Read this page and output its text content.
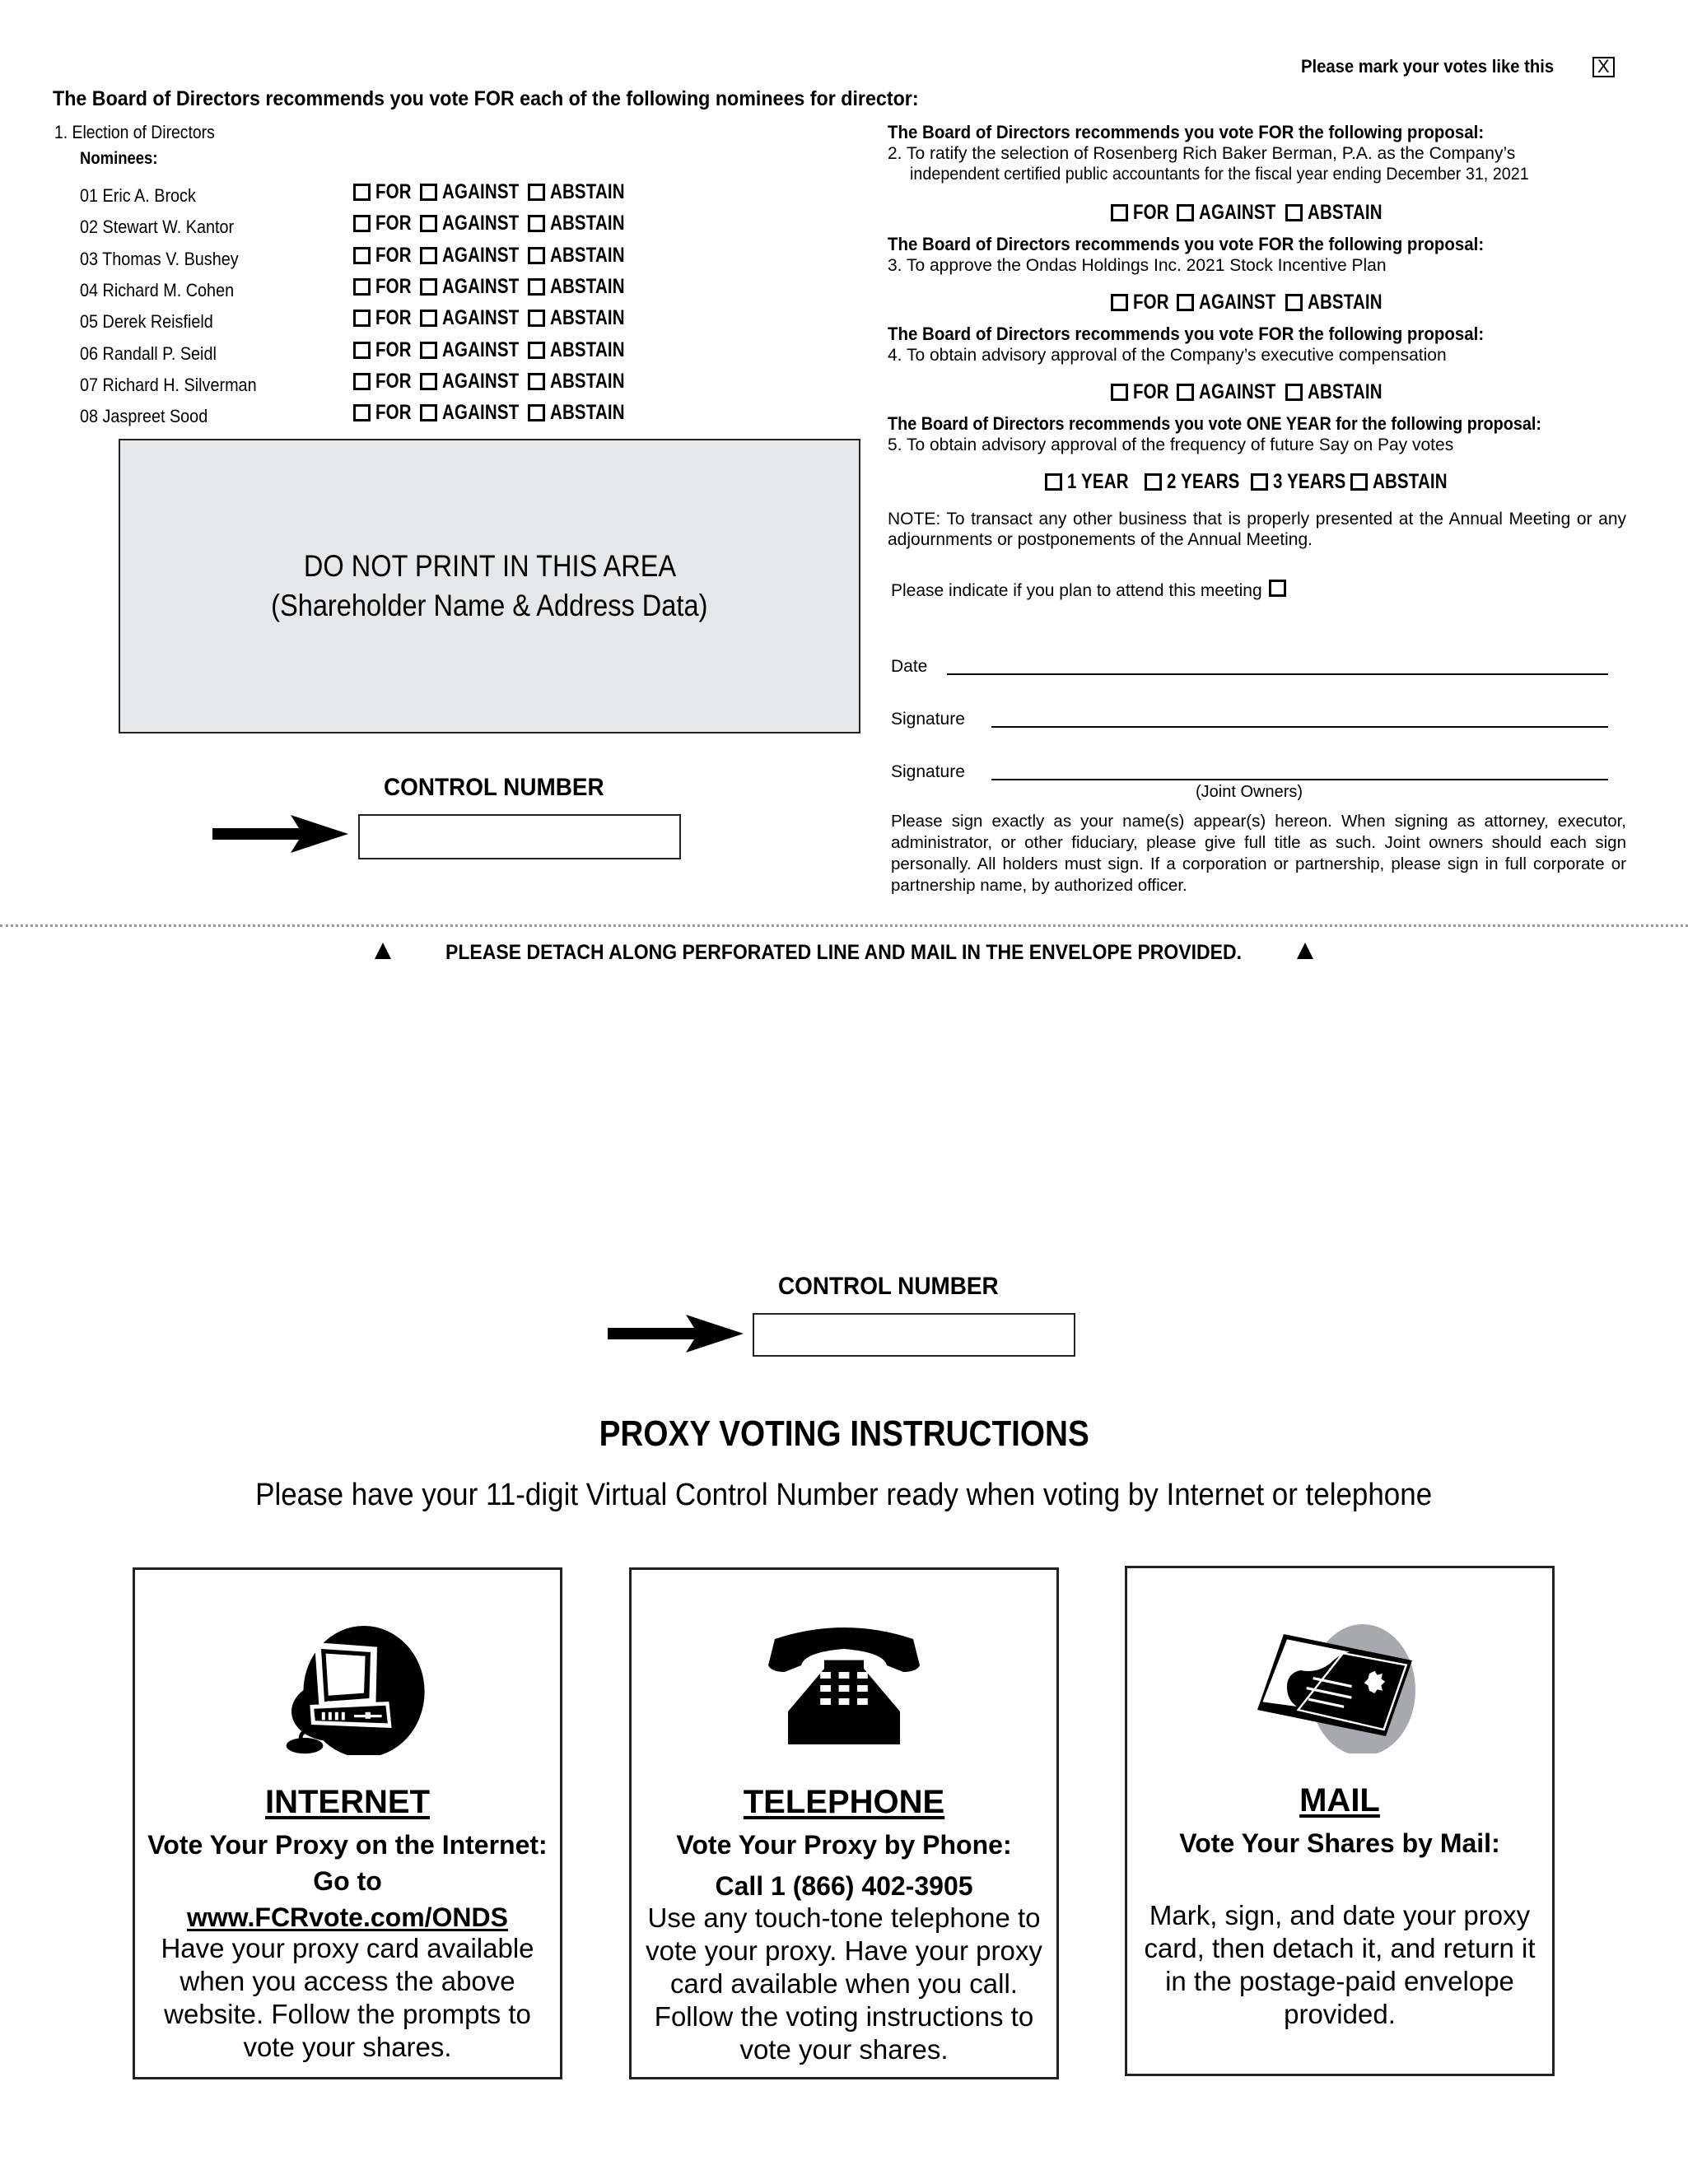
Please mark your votes like this X
The Board of Directors recommends you vote FOR each of the following nominees for director:
1. Election of Directors
Nominees:
01 Eric A. Brock	FOR
AGAINST
ABSTAIN
02 Stewart W. Kantor	FOR
AGAINST
ABSTAIN
03 Thomas V. Bushey	FOR
AGAINST
ABSTAIN
04 Richard M. Cohen	FOR
AGAINST
ABSTAIN
05 Derek Reisfield	FOR
AGAINST
ABSTAIN
06 Randall P. Seidl	FOR
AGAINST
ABSTAIN
07 Richard H. Silverman	FOR
AGAINST
ABSTAIN
08 Jaspreet Sood	FOR
AGAINST
ABSTAIN
DO NOT PRINT IN THIS AREA
(Shareholder Name & Address Data)
CONTROL NUMBER
The Board of Directors recommends you vote FOR the following proposal:
2. To ratify the selection of Rosenberg Rich Baker Berman, P.A. as the Company’s
independent certified public accountants for the fiscal year ending December 31, 2021
FOR
AGAINST
ABSTAIN
The Board of Directors recommends you vote FOR the following proposal:
3. To approve the Ondas Holdings Inc. 2021 Stock Incentive Plan
FOR
AGAINST
ABSTAIN
The Board of Directors recommends you vote FOR the following proposal:
4. To obtain advisory approval of the Company’s executive compensation
FOR
AGAINST
ABSTAIN
The Board of Directors recommends you vote ONE YEAR for the following proposal:
5. To obtain advisory approval of the frequency of future Say on Pay votes
1 YEAR
2 YEARS
3 YEARS
ABSTAIN
NOTE: To transact any other business that is properly presented at the Annual Meeting or any adjournments or postponements of the Annual Meeting.
Please indicate if you plan to attend this meeting
Date
Signature
Signature
(Joint Owners)
Please sign exactly as your name(s) appear(s) hereon. When signing as attorney, executor, administrator, or other fiduciary, please give full title as such. Joint owners should each sign personally. All holders must sign. If a corporation or partnership, please sign in full corporate or partnership name, by authorized officer.
PLEASE DETACH ALONG PERFORATED LINE AND MAIL IN THE ENVELOPE PROVIDED.
CONTROL NUMBER
PROXY VOTING INSTRUCTIONS
Please have your 11-digit Virtual Control Number ready when voting by Internet or telephone
INTERNET
Vote Your Proxy on the Internet:
Go to
www.FCRvote.com/ONDS
Have your proxy card available when you access the above website. Follow the prompts to vote your shares.
TELEPHONE
Vote Your Proxy by Phone:
Call 1 (866) 402-3905
Use any touch-tone telephone to vote your proxy. Have your proxy card available when you call. Follow the voting instructions to vote your shares.
MAIL
Vote Your Shares by Mail:
Mark, sign, and date your proxy card, then detach it, and return it in the postage-paid envelope provided.
